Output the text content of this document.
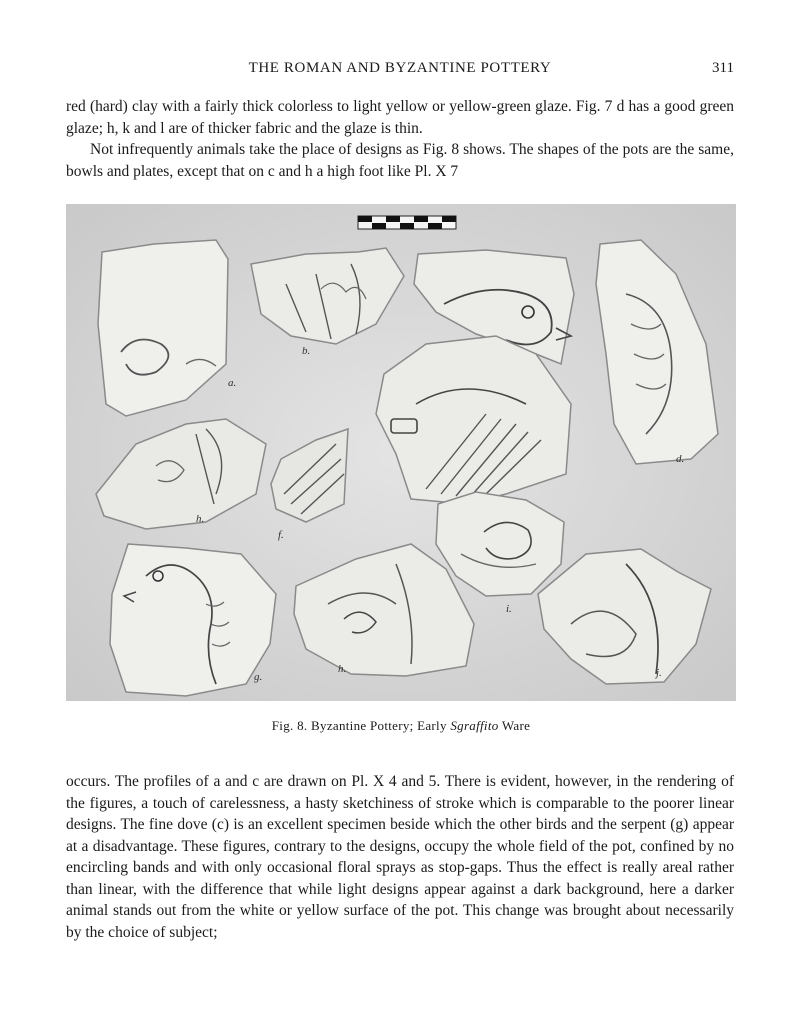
THE ROMAN AND BYZANTINE POTTERY	311

red (hard) clay with a fairly thick colorless to light yellow or yellow-green glaze. Fig. 7 d has a good green glaze; h, k and l are of thicker fabric and the glaze is thin.

Not infrequently animals take the place of designs as Fig. 8 shows. The shapes of the pots are the same, bowls and plates, except that on c and h a high foot like Pl. X 7

a.
b.
d.
h.
f.
i.
g.
h.	j.
Fig. 8. Byzantine Pottery; Early Sgraffito Ware

occurs. The profiles of a and c are drawn on Pl. X 4 and 5. There is evident, however, in the rendering of the figures, a touch of carelessness, a hasty sketchiness of stroke which is comparable to the poorer linear designs. The fine dove (c) is an excellent specimen beside which the other birds and the serpent (g) appear at a disadvantage. These figures, contrary to the designs, occupy the whole field of the pot, confined by no encircling bands and with only occasional floral sprays as stop-gaps. Thus the effect is really areal rather than linear, with the difference that while light designs appear against a dark background, here a darker animal stands out from the white or yellow surface of the pot. This change was brought about necessarily by the choice of subject;
